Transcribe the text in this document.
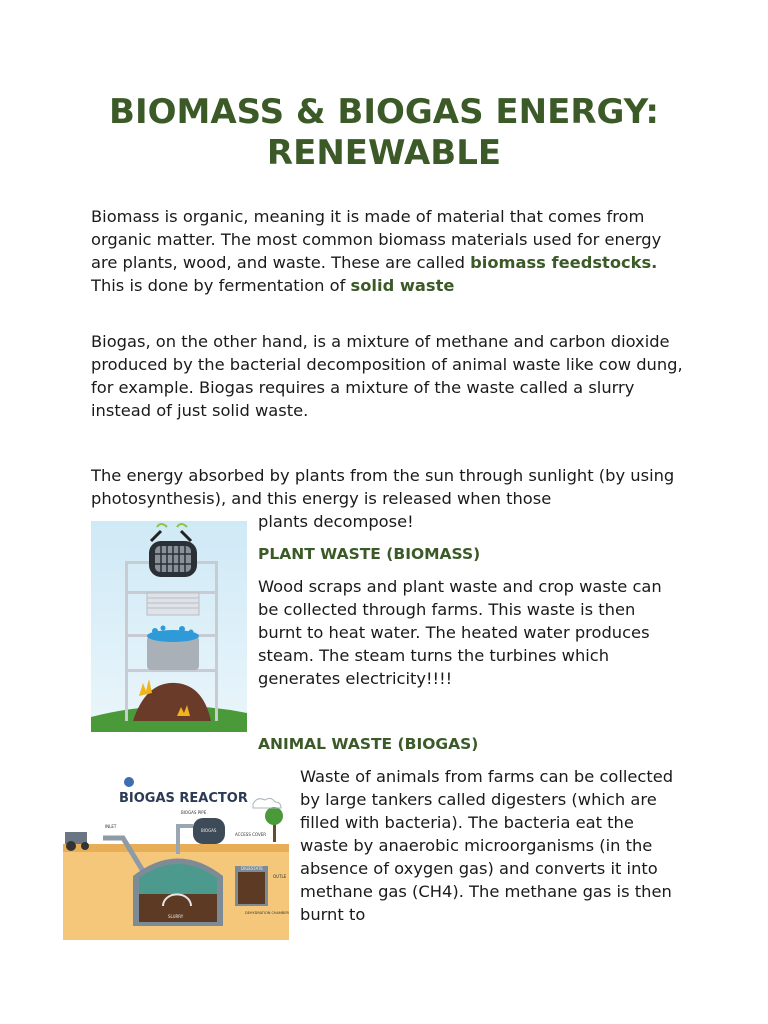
BIOMASS & BIOGAS ENERGY: RENEWABLE

Biomass is organic, meaning it is made of material that comes from organic matter. The most common biomass materials used for energy are plants, wood, and waste. These are called biomass feedstocks. This is done by fermentation of solid waste

Biogas, on the other hand, is a mixture of methane and carbon dioxide produced by the bacterial decomposition of animal waste like cow dung, for example. Biogas requires a mixture of the waste called a slurry instead of just solid waste.

The energy absorbed by plants from the sun through sunlight (by using photosynthesis), and this energy is released when those

plants decompose!

PLANT WASTE (BIOMASS)

Wood scraps and plant waste and crop waste can be collected through farms. This waste is then burnt to heat water. The heated water produces steam. The steam turns the turbines which generates electricity!!!!

ANIMAL WASTE (BIOGAS)
BIOGAS REACTOR
INLET
SLURRY
BIOGAS PIPE
BIOGAS
ACCESS COVER
DIGESTATE
OUTLE
DEHYDRATION CHAMBER

Waste of animals from farms can be collected by large tankers called digesters (which are filled with bacteria). The bacteria eat the waste by anaerobic microorganisms (in the absence of oxygen gas) and converts it into methane gas (CH4). The methane gas is then burnt to
